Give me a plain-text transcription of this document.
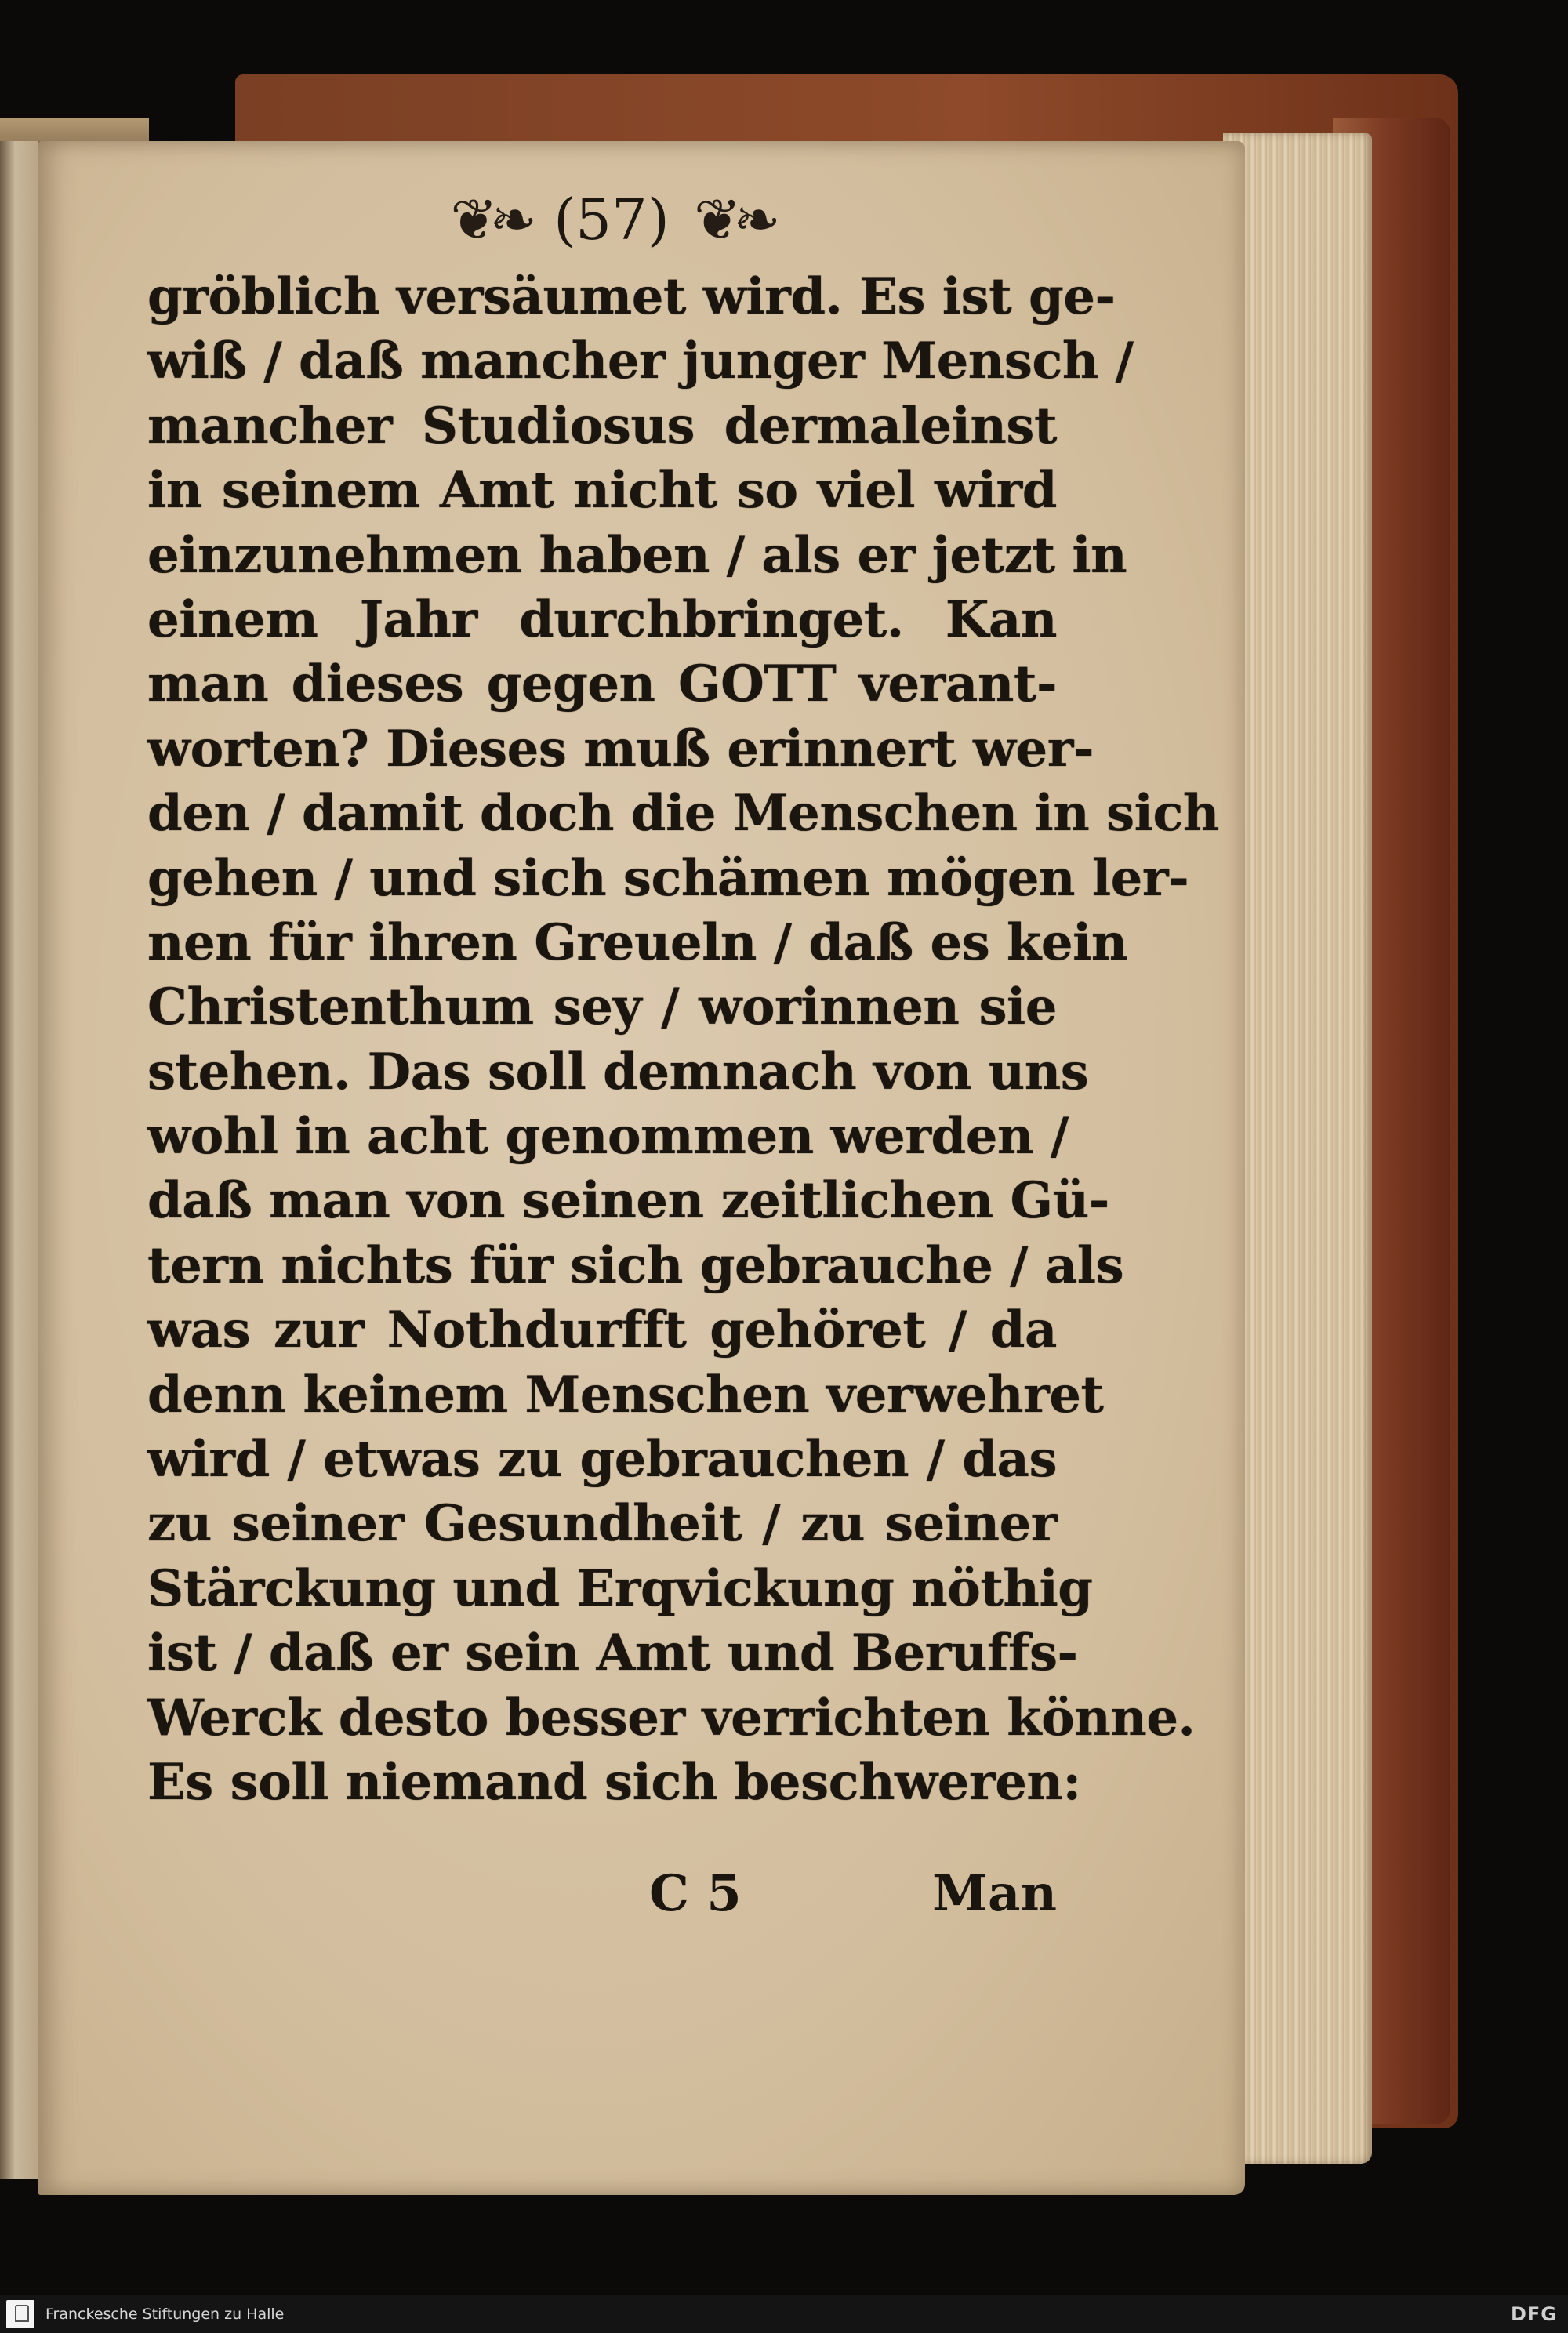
❦❧ (57) ❦❧
gröblich versäumet wird. Es ist ge-
wiß / daß mancher junger Mensch /
mancher Studiosus dermaleinst
in seinem Amt nicht so viel wird
einzunehmen haben / als er jetzt in
einem Jahr durchbringet. Kan
man dieses gegen GOTT verant-
worten? Dieses muß erinnert wer-
den / damit doch die Menschen in sich
gehen / und sich schämen mögen ler-
nen für ihren Greueln / daß es kein
Christenthum sey / worinnen sie
stehen. Das soll demnach von uns
wohl in acht genommen werden /
daß man von seinen zeitlichen Gü-
tern nichts für sich gebrauche / als
was zur Nothdurfft gehöret / da
denn keinem Menschen verwehret
wird / etwas zu gebrauchen / das
zu seiner Gesundheit / zu seiner
Stärckung und Erqvickung nöthig
ist / daß er sein Amt und Beruffs-
Werck desto besser verrichten könne.
Es soll niemand sich beschweren:
C 5	Man
Franckesche Stiftungen zu Halle	DFG
